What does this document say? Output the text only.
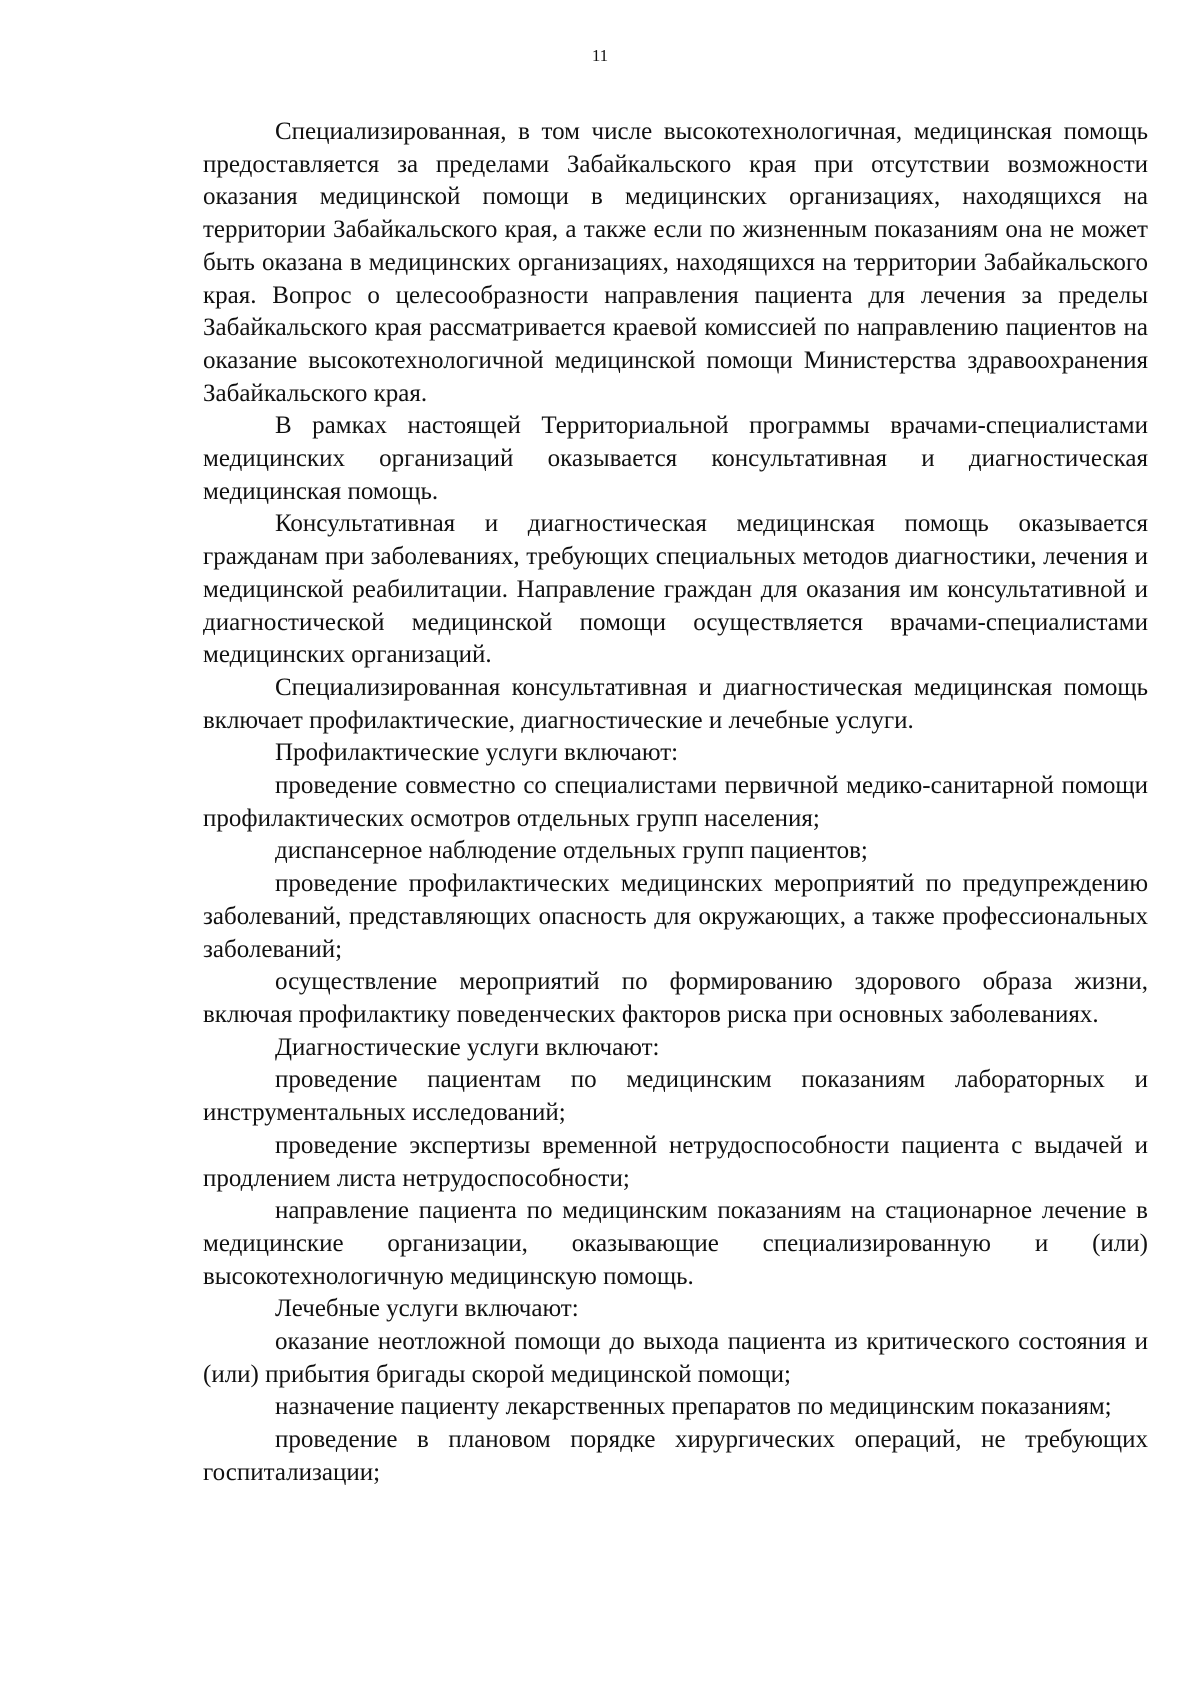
11

Специализированная, в том числе высокотехнологичная, медицинская помощь предоставляется за пределами Забайкальского края при отсутствии возможности оказания медицинской помощи в медицинских организациях, находящихся на территории Забайкальского края, а также если по жизненным показаниям она не может быть оказана в медицинских организациях, находящихся на территории Забайкальского края. Вопрос о целесообразности направления пациента для лечения за пределы Забайкальского края рассматривается краевой комиссией по направлению пациентов на оказание высокотехнологичной медицинской помощи Министерства здравоохранения Забайкальского края.

В рамках настоящей Территориальной программы врачами-специалистами медицинских организаций оказывается консультативная и диагностическая медицинская помощь.

Консультативная и диагностическая медицинская помощь оказывается гражданам при заболеваниях, требующих специальных методов диагностики, лечения и медицинской реабилитации. Направление граждан для оказания им консультативной и диагностической медицинской помощи осуществляется врачами-специалистами медицинских организаций.

Специализированная консультативная и диагностическая медицинская помощь включает профилактические, диагностические и лечебные услуги.

Профилактические услуги включают:

проведение совместно со специалистами первичной медико-санитарной помощи профилактических осмотров отдельных групп населения;

диспансерное наблюдение отдельных групп пациентов;

проведение профилактических медицинских мероприятий по предупреждению заболеваний, представляющих опасность для окружающих, а также профессиональных заболеваний;

осуществление мероприятий по формированию здорового образа жизни, включая профилактику поведенческих факторов риска при основных заболеваниях.

Диагностические услуги включают:

проведение пациентам по медицинским показаниям лабораторных и инструментальных исследований;

проведение экспертизы временной нетрудоспособности пациента с выдачей и продлением листа нетрудоспособности;

направление пациента по медицинским показаниям на стационарное лечение в медицинские организации, оказывающие специализированную и (или) высокотехнологичную медицинскую помощь.

Лечебные услуги включают:

оказание неотложной помощи до выхода пациента из критического состояния и (или) прибытия бригады скорой медицинской помощи;

назначение пациенту лекарственных препаратов по медицинским показаниям;

проведение в плановом порядке хирургических операций, не требующих госпитализации;
